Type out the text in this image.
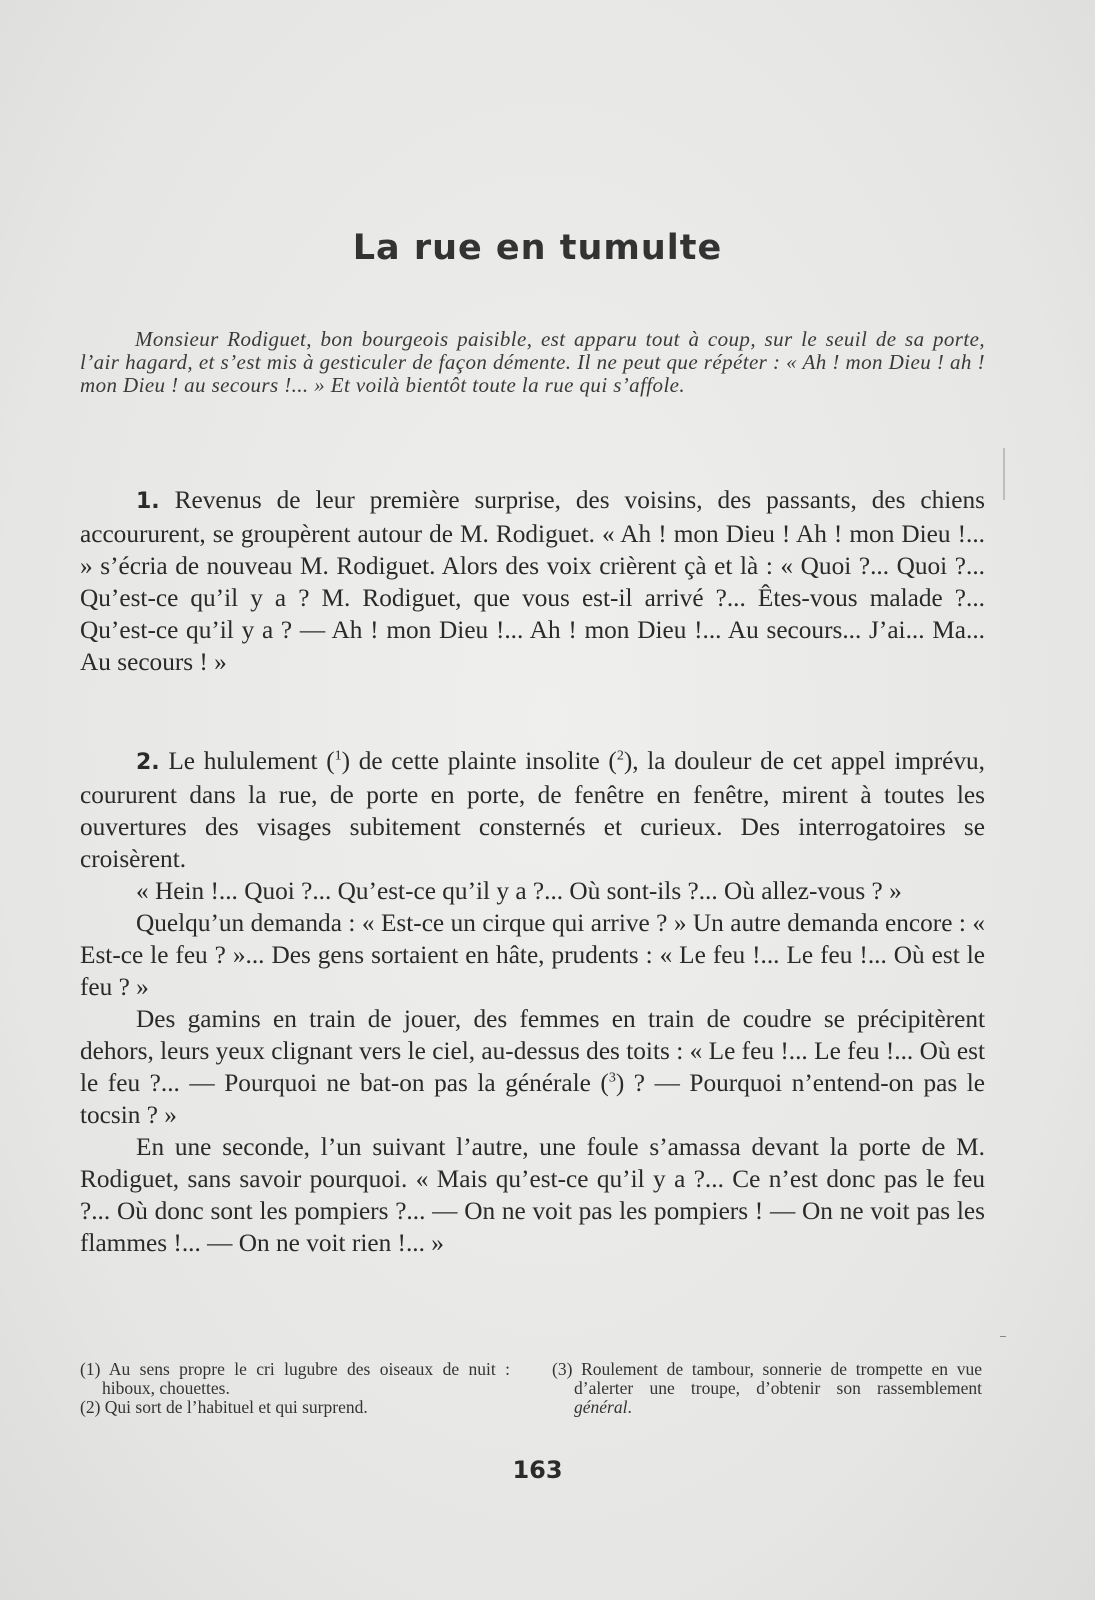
La rue en tumulte

Monsieur Rodiguet, bon bourgeois paisible, est apparu tout à coup, sur le seuil de sa porte, l’air hagard, et s’est mis à gesticuler de façon démente. Il ne peut que répéter : « Ah ! mon Dieu ! ah ! mon Dieu ! au secours !... » Et voilà bientôt toute la rue qui s’affole.

1. Revenus de leur première surprise, des voisins, des passants, des chiens accoururent, se groupèrent autour de M. Rodiguet. « Ah ! mon Dieu ! Ah ! mon Dieu !... » s’écria de nouveau M. Rodiguet. Alors des voix crièrent çà et là : « Quoi ?... Quoi ?... Qu’est-ce qu’il y a ? M. Rodiguet, que vous est-il arrivé ?... Êtes-vous malade ?... Qu’est-ce qu’il y a ? — Ah ! mon Dieu !... Ah ! mon Dieu !... Au secours... J’ai... Ma... Au secours ! »

2. Le hululement ($^1$) de cette plainte insolite ($^2$), la douleur de cet appel imprévu, coururent dans la rue, de porte en porte, de fenêtre en fenêtre, mirent à toutes les ouvertures des visages subitement consternés et curieux. Des interrogatoires se croisèrent.

« Hein !... Quoi ?... Qu’est-ce qu’il y a ?... Où sont-ils ?... Où allez-vous ? »

Quelqu’un demanda : « Est-ce un cirque qui arrive ? » Un autre demanda encore : « Est-ce le feu ? »... Des gens sortaient en hâte, prudents : « Le feu !... Le feu !... Où est le feu ? »

Des gamins en train de jouer, des femmes en train de coudre se précipitèrent dehors, leurs yeux clignant vers le ciel, au-dessus des toits : « Le feu !... Le feu !... Où est le feu ?... — Pourquoi ne bat-on pas la générale ($^3$) ? — Pourquoi n’entend-on pas le tocsin ? »

En une seconde, l’un suivant l’autre, une foule s’amassa devant la porte de M. Rodiguet, sans savoir pourquoi. « Mais qu’est-ce qu’il y a ?... Ce n’est donc pas le feu ?... Où donc sont les pompiers ?... — On ne voit pas les pompiers ! — On ne voit pas les flammes !... — On ne voit rien !... »

(1) Au sens propre le cri lugubre des oiseaux de nuit : hiboux, chouettes.

(2) Qui sort de l’habituel et qui surprend.

(3) Roulement de tambour, sonnerie de trompette en vue d’alerter une troupe, d’obtenir son rassemblement général.

163
